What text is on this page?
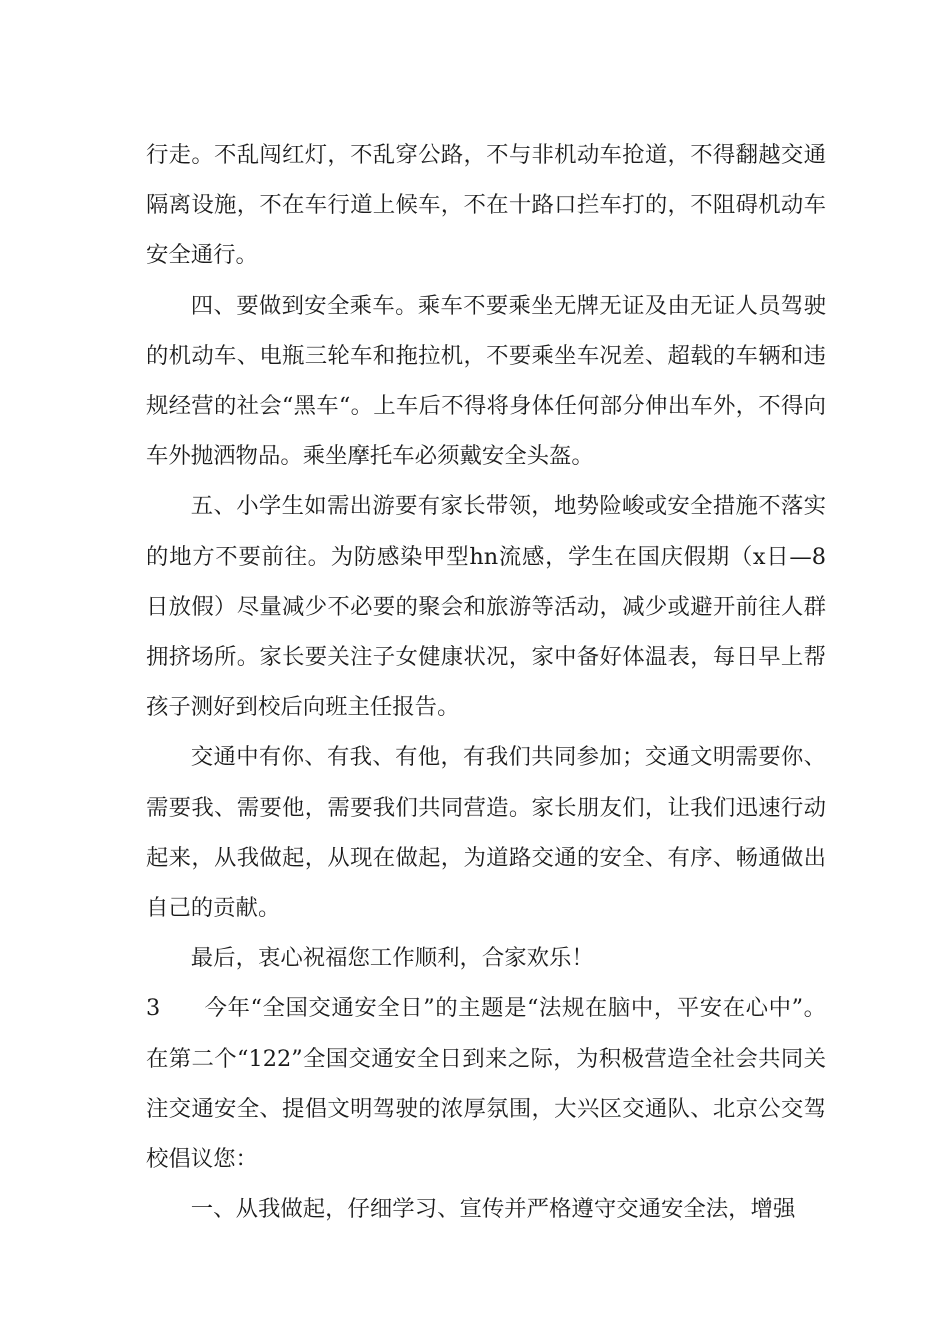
行走。不乱闯红灯，不乱穿公路，不与非机动车抢道，不得翻越交通隔离设施，不在车行道上候车，不在十路口拦车打的，不阻碍机动车安全通行。

四、要做到安全乘车。乘车不要乘坐无牌无证及由无证人员驾驶的机动车、电瓶三轮车和拖拉机，不要乘坐车况差、超载的车辆和违规经营的社会“黑车“。上车后不得将身体任何部分伸出车外，不得向车外抛洒物品。乘坐摩托车必须戴安全头盔。

五、小学生如需出游要有家长带领，地势险峻或安全措施不落实的地方不要前往。为防感染甲型hn流感，学生在国庆假期（x日—8日放假）尽量减少不必要的聚会和旅游等活动，减少或避开前往人群拥挤场所。家长要关注子女健康状况，家中备好体温表，每日早上帮孩子测好到校后向班主任报告。

交通中有你、有我、有他，有我们共同参加；交通文明需要你、需要我、需要他，需要我们共同营造。家长朋友们，让我们迅速行动起来，从我做起，从现在做起，为道路交通的安全、有序、畅通做出自己的贡献。

最后，衷心祝福您工作顺利，合家欢乐！

3 今年“全国交通安全日”的主题是“法规在脑中，平安在心中”。在第二个“122”全国交通安全日到来之际，为积极营造全社会共同关注交通安全、提倡文明驾驶的浓厚氛围，大兴区交通队、北京公交驾校倡议您：

一、从我做起，仔细学习、宣传并严格遵守交通安全法，增强
